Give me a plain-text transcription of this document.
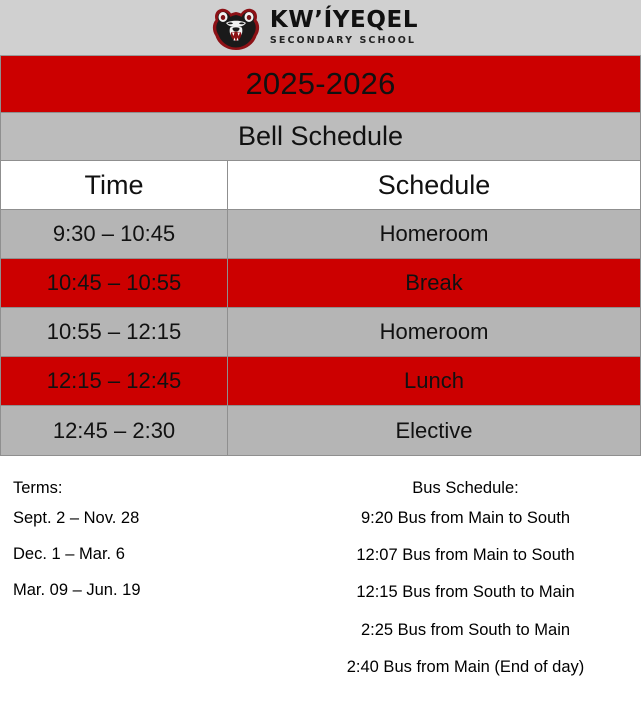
KW’ÍYEQEL
SECONDARY SCHOOL
2025-2026
Bell Schedule
Time	Schedule
9:30 – 10:45	Homeroom
10:45 – 10:55	Break
10:55 – 12:15	Homeroom
12:15 – 12:45	Lunch
12:45 – 2:30	Elective
Terms:
Sept. 2 – Nov. 28
Dec. 1 – Mar. 6
Mar. 09 – Jun. 19
Bus Schedule:
9:20 Bus from Main to South
12:07 Bus from Main to South
12:15 Bus from South to Main
2:25 Bus from South to Main
2:40 Bus from Main (End of day)
